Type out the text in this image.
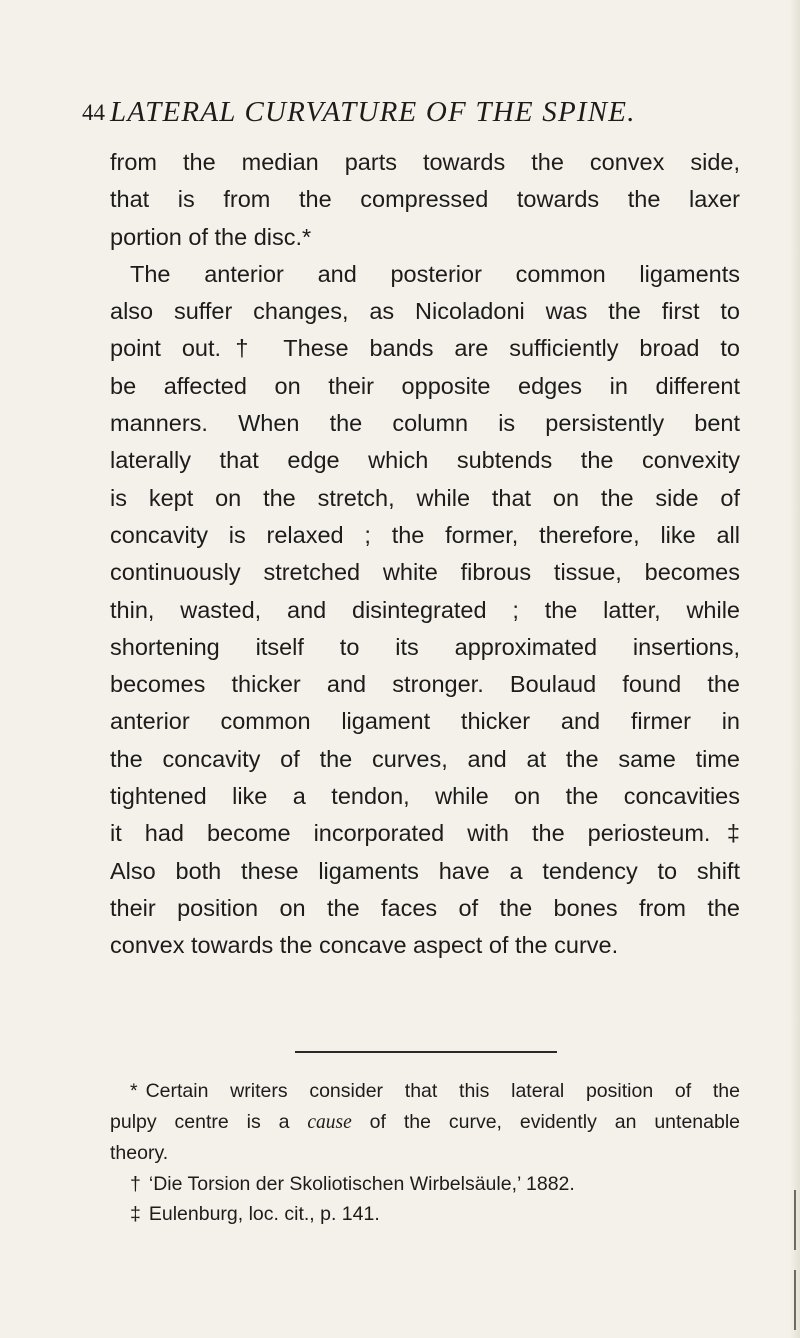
44 LATERAL CURVATURE OF THE SPINE.
from the median parts towards the convex side,
that is from the compressed towards the laxer
portion of the disc.*
The anterior and posterior common ligaments
also suffer changes, as Nicoladoni was the first to
point out.† These bands are sufficiently broad to
be affected on their opposite edges in different
manners. When the column is persistently bent
laterally that edge which subtends the convexity
is kept on the stretch, while that on the side of
concavity is relaxed ; the former, therefore, like all
continuously stretched white fibrous tissue, becomes
thin, wasted, and disintegrated ; the latter, while
shortening itself to its approximated insertions,
becomes thicker and stronger. Boulaud found the
anterior common ligament thicker and firmer in
the concavity of the curves, and at the same time
tightened like a tendon, while on the concavities
it had become incorporated with the periosteum.‡
Also both these ligaments have a tendency to shift
their position on the faces of the bones from the
convex towards the concave aspect of the curve.
* Certain writers consider that this lateral position of the
pulpy centre is a cause of the curve, evidently an untenable
theory.
† ‘Die Torsion der Skoliotischen Wirbelsäule,’ 1882.
‡ Eulenburg, loc. cit., p. 141.
